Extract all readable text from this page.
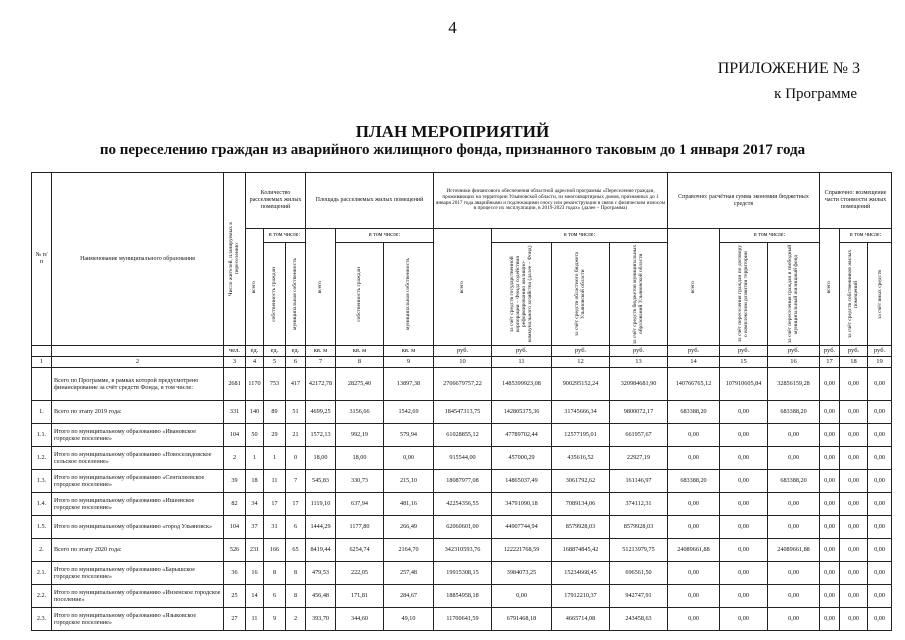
4
ПРИЛОЖЕНИЕ № 3
к Программе
ПЛАН МЕРОПРИЯТИЙ
по переселению граждан из аварийного жилищного фонда, признанного таковым до 1 января 2017 года
№ п/п	Наименование муниципального образования	Число жителей, планируемых к переселению	Количество расселяемых жилых помещений			Площадь расселяемых жилых помещений			Источники финансового обеспечения областной адресной программы «Переселение граждан, проживающих на территории Ульяновской области, из многоквартирных домов, признанных до 1 января 2017 года аварийными и подлежащими сносу или реконструкции в связи с физическим износом в процессе их эксплуатации, в 2019-2023 годах» (далее – Программа)				Справочно: расчётная сумма экономии бюджетных средств			Справочно: возмещение части стоимости жилых помещений		

			всего	в том числе:		всего	в том числе:		всего	в том числе:			всего	в том числе:		всего	в том числе:	

				собственность граждан	муниципальная собственность		собственность граждан	муниципальная собственность		за счёт средств государственной корпорации – Фонда содействия реформированию жилищно-коммунального хозяйства (далее – Фонд)	за счёт средств областного бюджета Ульяновской области	за счёт средств бюджетов муниципальных образований Ульяновской области		за счёт переселения граждан по договору о комплексном развитии территории	за счёт переселения граждан в свободный муниципальный жилищный фонд		за счёт средств собственников жилых помещений	за счёт иных средств

		чел.	ед.	ед.	ед.	кв. м	кв. м	кв. м	руб.	руб.	руб.	руб.	руб.	руб.	руб.	руб.	руб.	руб.
1	2	3	4	5	6	7	8	9	10	11	12	13	14	15	16	17	18	19
	Всего по Программе, в рамках которой предусмотрено финансирование за счёт средств Фонда, в том числе:	2681	1170	753	417	42172,78	28275,40	13897,38	2706679757,22	1485399923,08	900295152,24	320984681,90	140766765,12	107910605,84	32856159,28	0,00	0,00	0,00
1.	Всего по этапу 2019 года:	331	140	89	51	4699,25	3156,66	1542,69	184547313,75	142805375,36	31745666,34	9800072,17	683388,20	0,00	683388,20	0,00	0,00	0,00
1.1.	Итого по муниципальному образованию «Ивановское городское поселение»	104	50	29	21	1572,13	992,19	579,94	61028855,12	47789702,44	12577195,01	661957,67	0,00	0,00	0,00	0,00	0,00	0,00
1.2.	Итого по муниципальному образованию «Новоселидовское сельское поселение»	2	1	1	0	18,00	18,00	0,00	915544,00	457000,29	435616,52	22927,19	0,00	0,00	0,00	0,00	0,00	0,00
1.3.	Итого по муниципальному образованию «Сенгилеевское городское поселение»	39	18	11	7	545,83	330,73	215,10	18087977,08	14865037,49	3061792,62	161146,97	683388,20	0,00	683388,20	0,00	0,00	0,00
1.4.	Итого по муниципальному образованию «Ишеевское городское поселение»	82	34	17	17	1119,10	637,94	481,16	42254356,55	34791090,18	7089134,06	374112,31	0,00	0,00	0,00	0,00	0,00	0,00
1.5.	Итого по муниципальному образованию «город Ульяновск»	104	37	31	6	1444,29	1177,80	266,49	62060601,00	44907744,94	8579928,03	8579928,03	0,00	0,00	0,00	0,00	0,00	0,00
2.	Всего по этапу 2020 года:	526	231	166	65	8419,44	6254,74	2164,70	342310593,76	122221768,59	168874845,42	51213979,75	24089661,88	0,00	24089661,88	0,00	0,00	0,00
2.1.	Итого по муниципальному образованию «Барышское городское поселение»	36	16	8	8	479,53	222,05	257,48	19915308,15	3984073,25	15234668,45	696561,50	0,00	0,00	0,00	0,00	0,00	0,00
2.2.	Итого по муниципальному образованию «Инзенское городское поселение»	25	14	6	8	456,48	171,81	284,67	18854958,18	0,00	17912210,37	942747,91	0,00	0,00	0,00	0,00	0,00	0,00
2.3.	Итого по муниципальному образованию «Языковское городское поселение»	27	11	9	2	393,70	344,60	49,10	11700641,59	6791468,18	4665714,08	243458,63	0,00	0,00	0,00	0,00	0,00	0,00
